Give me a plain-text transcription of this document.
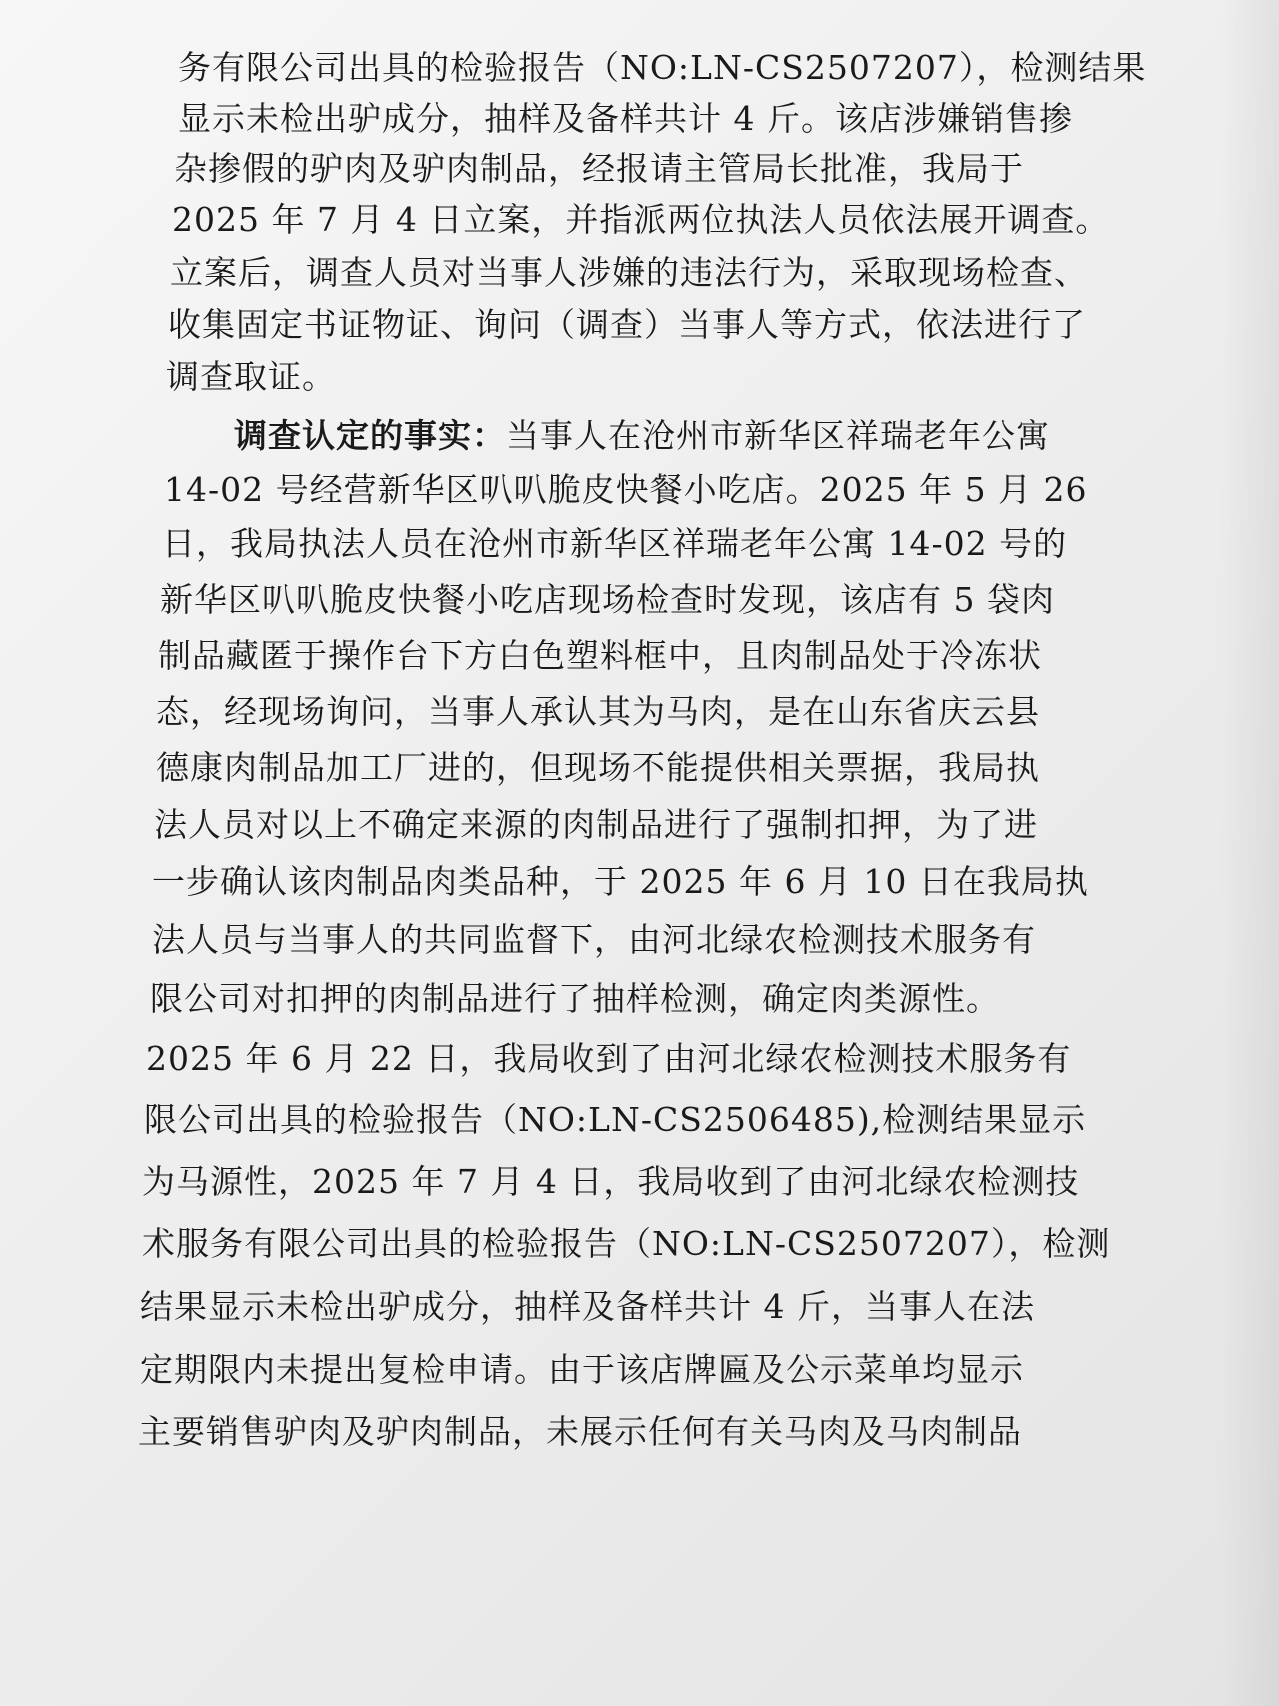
务有限公司出具的检验报告（NO:LN-CS2507207），检测结果
显示未检出驴成分，抽样及备样共计 4 斤。该店涉嫌销售掺
杂掺假的驴肉及驴肉制品，经报请主管局长批准，我局于
2025 年 7 月 4 日立案，并指派两位执法人员依法展开调查。
立案后，调查人员对当事人涉嫌的违法行为，采取现场检查、
收集固定书证物证、询问（调查）当事人等方式，依法进行了
调查取证。
调查认定的事实：当事人在沧州市新华区祥瑞老年公寓
14-02 号经营新华区叭叭脆皮快餐小吃店。2025 年 5 月 26
日，我局执法人员在沧州市新华区祥瑞老年公寓 14-02 号的
新华区叭叭脆皮快餐小吃店现场检查时发现，该店有 5 袋肉
制品藏匿于操作台下方白色塑料框中，且肉制品处于冷冻状
态，经现场询问，当事人承认其为马肉，是在山东省庆云县
德康肉制品加工厂进的，但现场不能提供相关票据，我局执
法人员对以上不确定来源的肉制品进行了强制扣押，为了进
一步确认该肉制品肉类品种，于 2025 年 6 月 10 日在我局执
法人员与当事人的共同监督下，由河北绿农检测技术服务有
限公司对扣押的肉制品进行了抽样检测，确定肉类源性。
2025 年 6 月 22 日，我局收到了由河北绿农检测技术服务有
限公司出具的检验报告（NO:LN-CS2506485),检测结果显示
为马源性，2025 年 7 月 4 日，我局收到了由河北绿农检测技
术服务有限公司出具的检验报告（NO:LN-CS2507207），检测
结果显示未检出驴成分，抽样及备样共计 4 斤，当事人在法
定期限内未提出复检申请。由于该店牌匾及公示菜单均显示
主要销售驴肉及驴肉制品，未展示任何有关马肉及马肉制品
